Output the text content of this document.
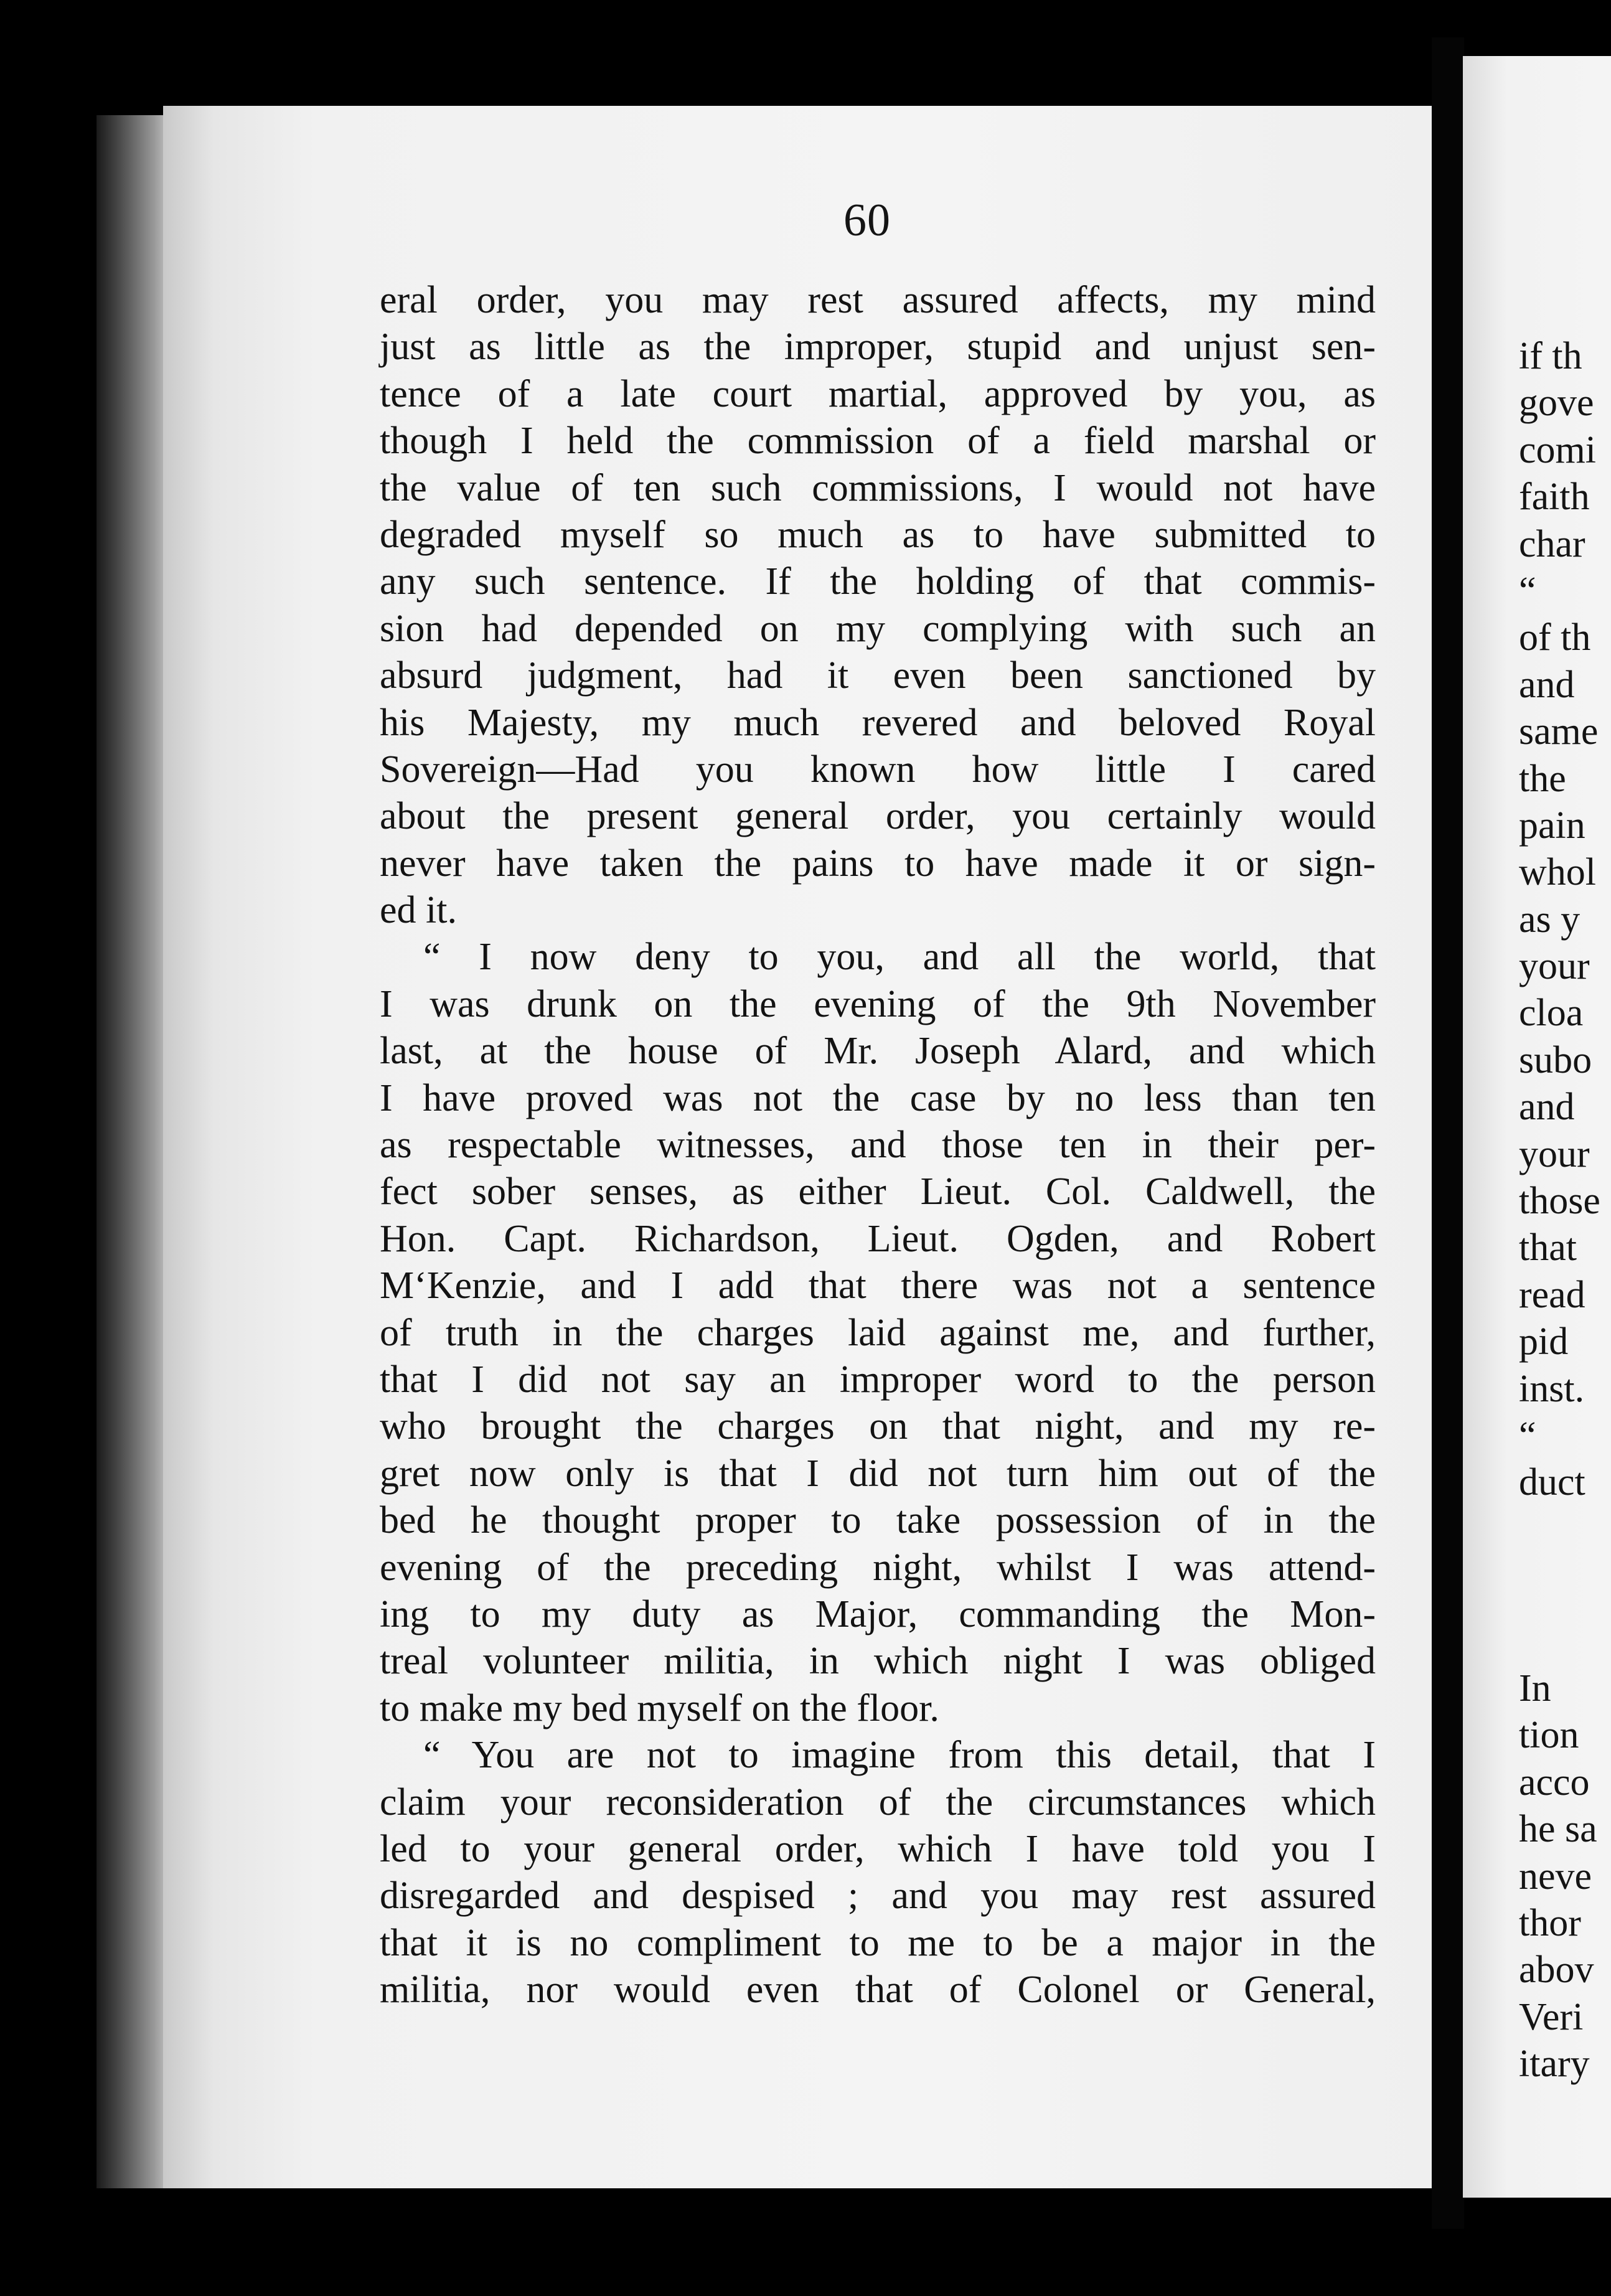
if th
gove
comi
faith
char
“
of th
and
same
the
pain
whol
as y
your
cloa
subo
and
your
those
that
read
pid
inst.
“
duct
In
tion
acco
he sa
neve
thor
abov
Veri
itary
60
eral order, you may rest assured affects, my mind
just as little as the improper, stupid and unjust sen-
tence of a late court martial, approved by you, as
though I held the commission of a field marshal or
the value of ten such commissions, I would not have
degraded myself so much as to have submitted to
any such sentence. If the holding of that commis-
sion had depended on my complying with such an
absurd judgment, had it even been sanctioned by
his Majesty, my much revered and beloved Royal
Sovereign—Had you known how little I cared
about the present general order, you certainly would
never have taken the pains to have made it or sign-
ed it.
“ I now deny to you, and all the world, that
I was drunk on the evening of the 9th November
last, at the house of Mr. Joseph Alard, and which
I have proved was not the case by no less than ten
as respectable witnesses, and those ten in their per-
fect sober senses, as either Lieut. Col. Caldwell, the
Hon. Capt. Richardson, Lieut. Ogden, and Robert
M‘Kenzie, and I add that there was not a sentence
of truth in the charges laid against me, and further,
that I did not say an improper word to the person
who brought the charges on that night, and my re-
gret now only is that I did not turn him out of the
bed he thought proper to take possession of in the
evening of the preceding night, whilst I was attend-
ing to my duty as Major, commanding the Mon-
treal volunteer militia, in which night I was obliged
to make my bed myself on the floor.
“ You are not to imagine from this detail, that I
claim your reconsideration of the circumstances which
led to your general order, which I have told you I
disregarded and despised ; and you may rest assured
that it is no compliment to me to be a major in the
militia, nor would even that of Colonel or General,
